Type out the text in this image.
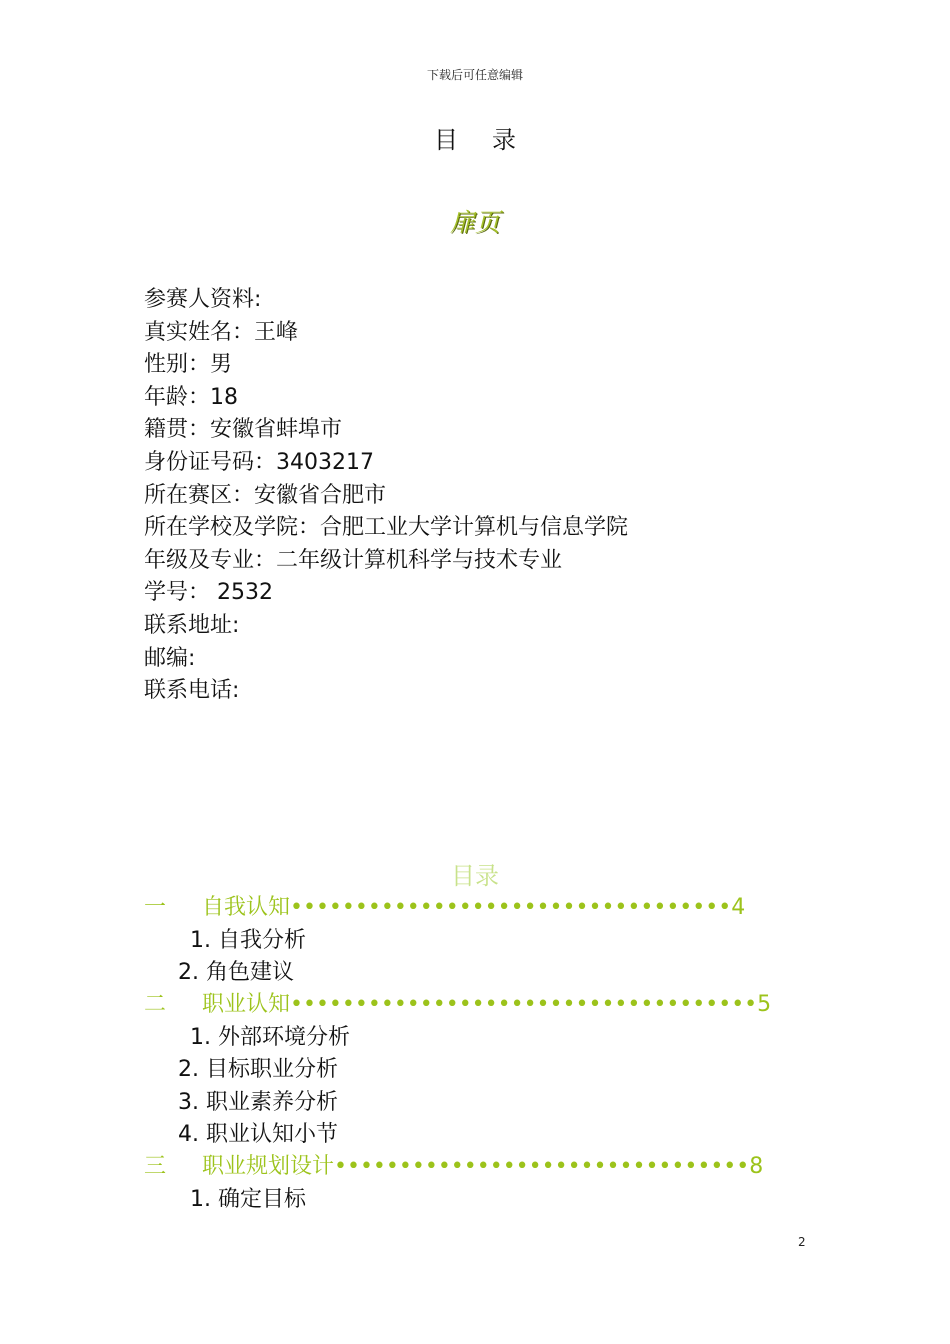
下载后可任意编辑
目录
扉页
参赛人资料:
真实姓名：王峰
性别：男
年龄：18
籍贯：安徽省蚌埠市
身份证号码：3403217
所在赛区：安徽省合肥市
所在学校及学院：合肥工业大学计算机与信息学院
年级及专业：二年级计算机科学与技术专业
学号： 2532
联系地址:
邮编:
联系电话:
目录
一 自我认知••••••••••••••••••••••••••••••••••4
1. 自我分析
2. 角色建议
二 职业认知••••••••••••••••••••••••••••••••••••5
1. 外部环境分析
2. 目标职业分析
3. 职业素养分析
4. 职业认知小节
三 职业规划设计••••••••••••••••••••••••••••••••8
1. 确定目标
2
